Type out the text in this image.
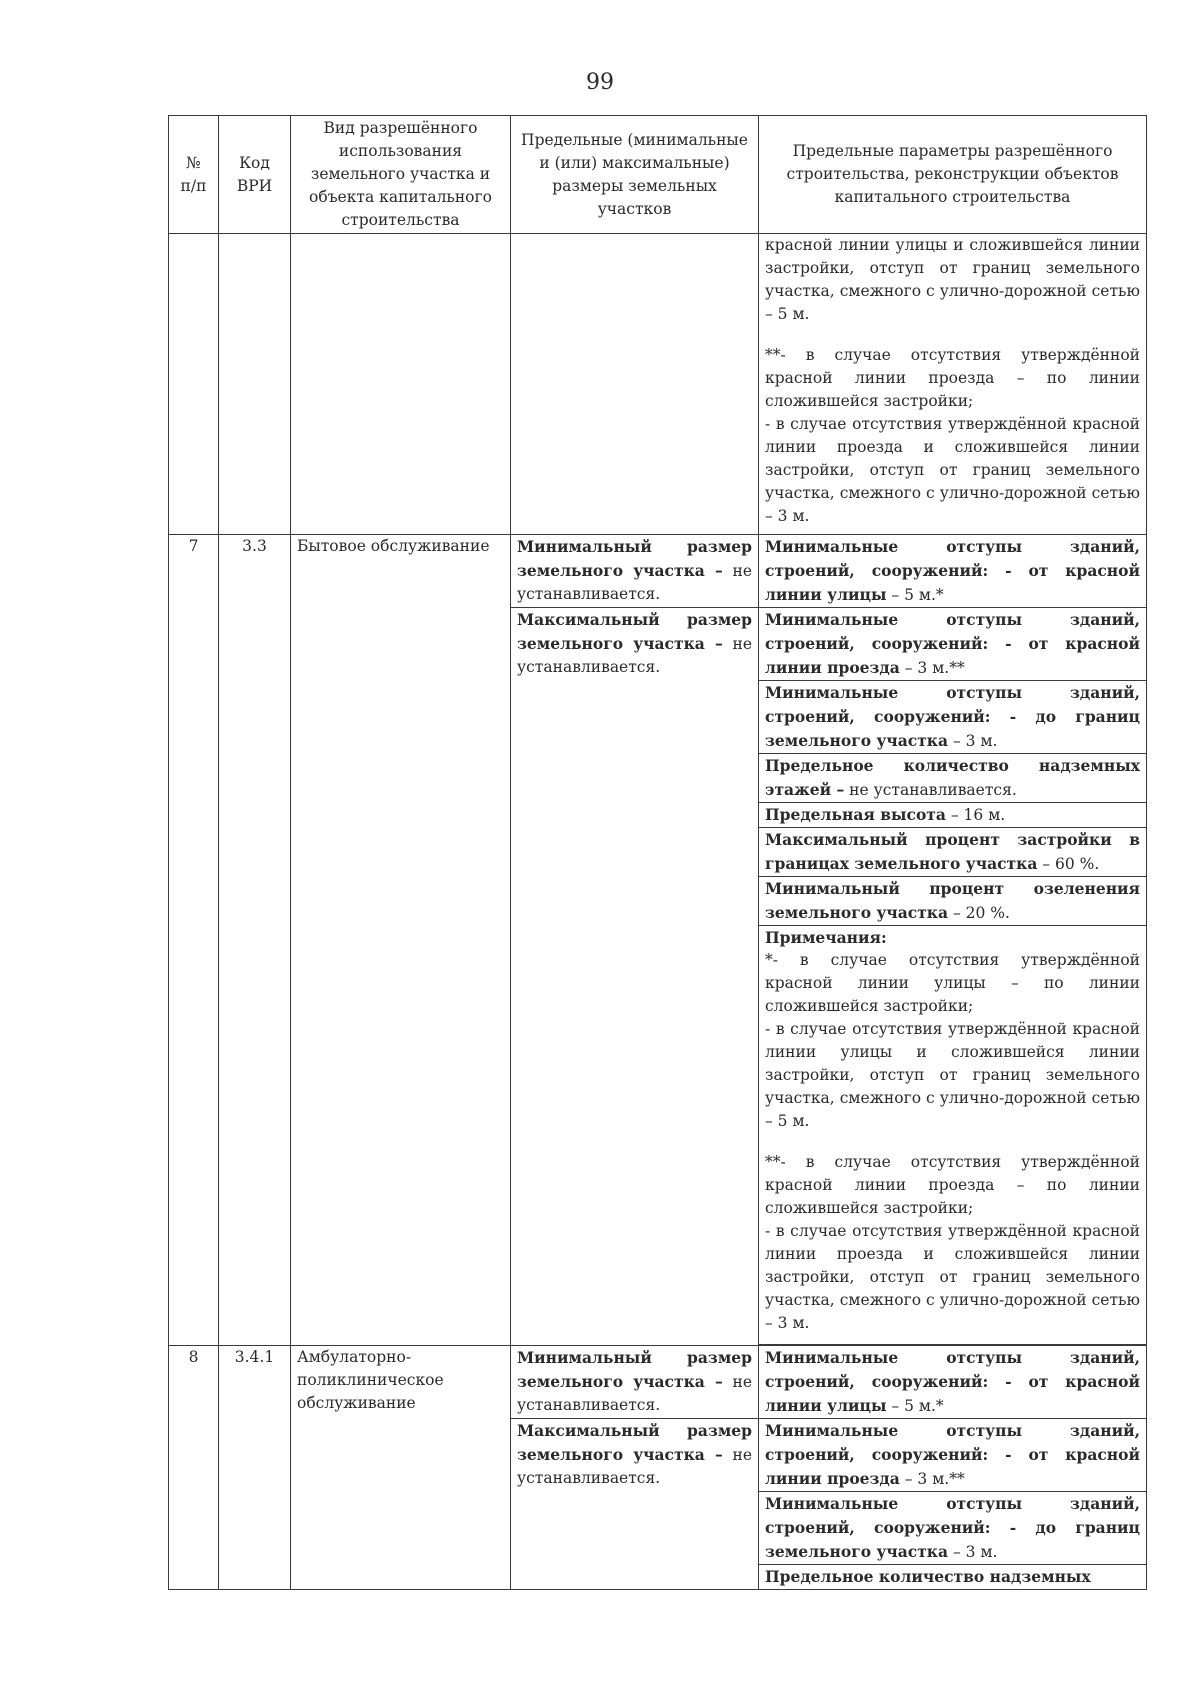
99
№ п/п	Код ВРИ	Вид разрешённого использования земельного участка и объекта капитального строительства	Предельные (минимальные и (или) максимальные) размеры земельных участков	Предельные параметры разрешённого строительства, реконструкции объектов капитального строительства

				красной линии улицы и сложившейся линии застройки, отступ от границ земельного участка, смежного с улично-дорожной сетью – 5 м.
**- в случае отсутствия утверждённой красной линии проезда – по линии сложившейся застройки;
- в случае отсутствия утверждённой красной линии проезда и сложившейся линии застройки, отступ от границ земельного участка, смежного с улично-дорожной сетью – 3 м.

7	3.3	Бытовое обслуживание	Минимальный размер земельного участка – не устанавливается.	Минимальные отступы зданий, строений, сооружений: - от красной линии улицы – 5 м.*
			Максимальный размер земельного участка – не устанавливается.	Минимальные отступы зданий, строений, сооружений: - от красной линии проезда – 3 м.**
				Минимальные отступы зданий, строений, сооружений: - до границ земельного участка – 3 м.
				Предельное количество надземных этажей – не устанавливается.
				Предельная высота – 16 м.
				Максимальный процент застройки в границах земельного участка – 60 %.
				Минимальный процент озеленения земельного участка – 20 %.

				Примечания:
*- в случае отсутствия утверждённой красной линии улицы – по линии сложившейся застройки;
- в случае отсутствия утверждённой красной линии улицы и сложившейся линии застройки, отступ от границ земельного участка, смежного с улично-дорожной сетью – 5 м.
**- в случае отсутствия утверждённой красной линии проезда – по линии сложившейся застройки;
- в случае отсутствия утверждённой красной линии проезда и сложившейся линии застройки, отступ от границ земельного участка, смежного с улично-дорожной сетью – 3 м.

8	3.4.1	Амбулаторно-поликлиническое обслуживание	Минимальный размер земельного участка – не устанавливается.	Минимальные отступы зданий, строений, сооружений: - от красной линии улицы – 5 м.*
			Максимальный размер земельного участка – не устанавливается.	Минимальные отступы зданий, строений, сооружений: - от красной линии проезда – 3 м.**
				Минимальные отступы зданий, строений, сооружений: - до границ земельного участка – 3 м.
				Предельное количество надземных
